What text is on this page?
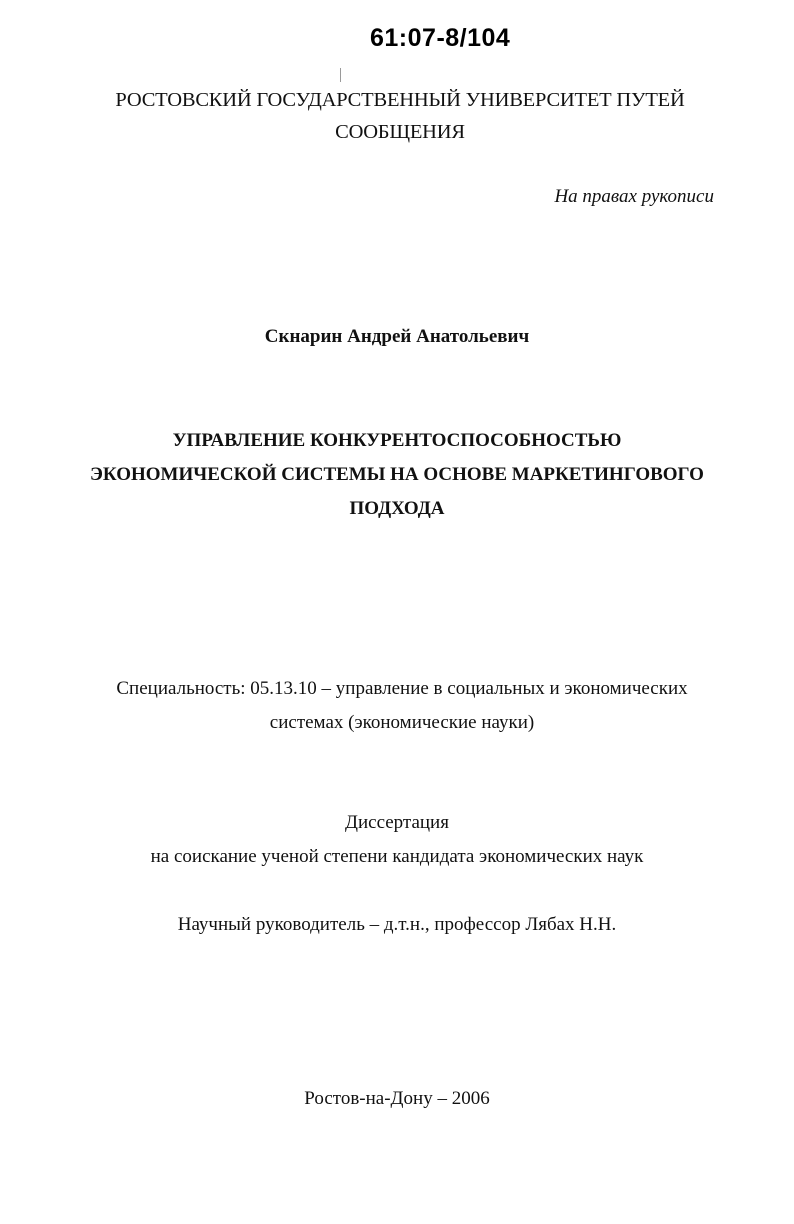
61:07-8/104
РОСТОВСКИЙ ГОСУДАРСТВЕННЫЙ УНИВЕРСИТЕТ ПУТЕЙ
СООБЩЕНИЯ
На правах рукописи
Скнарин Андрей Анатольевич
УПРАВЛЕНИЕ КОНКУРЕНТОСПОСОБНОСТЬЮ
ЭКОНОМИЧЕСКОЙ СИСТЕМЫ НА ОСНОВЕ МАРКЕТИНГОВОГО
ПОДХОДА
Специальность: 05.13.10 – управление в социальных и экономических
системах (экономические науки)
Диссертация
на соискание ученой степени кандидата экономических наук
Научный руководитель – д.т.н., профессор Лябах Н.Н.
Ростов-на-Дону – 2006
